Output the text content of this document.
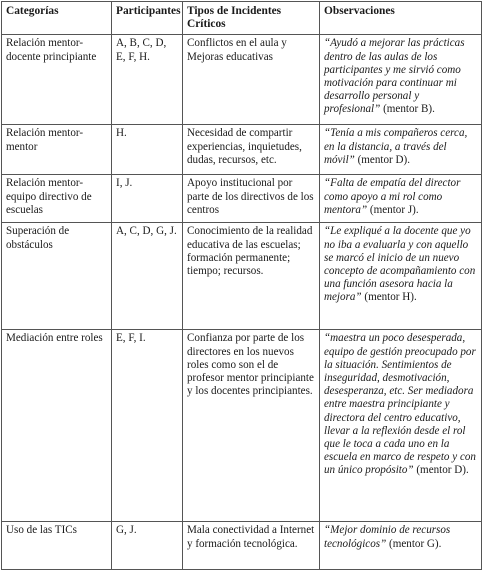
Categorías	Participantes	Tipos de Incidentes Críticos	Observaciones
Relación mentor-docente principiante	A, B, C, D, E, F, H.	Conflictos en el aula y Mejoras educativas	“Ayudó a mejorar las prácticas dentro de las aulas de los participantes y me sirvió como motivación para continuar mi desarrollo personal y profesional” (mentor B).
Relación mentor-mentor	H.	Necesidad de compartir experiencias, inquietudes, dudas, recursos, etc.	“Tenía a mis compañeros cerca, en la distancia, a través del móvil” (mentor D).
Relación mentor-equipo directivo de escuelas	I, J.	Apoyo institucional por parte de los directivos de los centros	“Falta de empatía del director como apoyo a mi rol como mentora” (mentor J).
Superación de obstáculos	A, C, D, G, J.	Conocimiento de la realidad educativa de las escuelas; formación permanente; tiempo; recursos.	“Le expliqué a la docente que yo no iba a evaluarla y con aquello se marcó el inicio de un nuevo concepto de acompañamiento con una función asesora hacia la mejora” (mentor H).
Mediación entre roles	E, F, I.	Confianza por parte de los directores en los nuevos roles como son el de profesor mentor principiante y los docentes principiantes.	“maestra un poco desesperada, equipo de gestión preocupado por la situación. Sentimientos de inseguridad, desmotivación, desesperanza, etc. Ser mediadora entre maestra principiante y directora del centro educativo, llevar a la reflexión desde el rol que le toca a cada uno en la escuela en marco de respeto y con un único propósito” (mentor D).
Uso de las TICs	G, J.	Mala conectividad a Internet y formación tecnológica.	“Mejor dominio de recursos tecnológicos” (mentor G).
